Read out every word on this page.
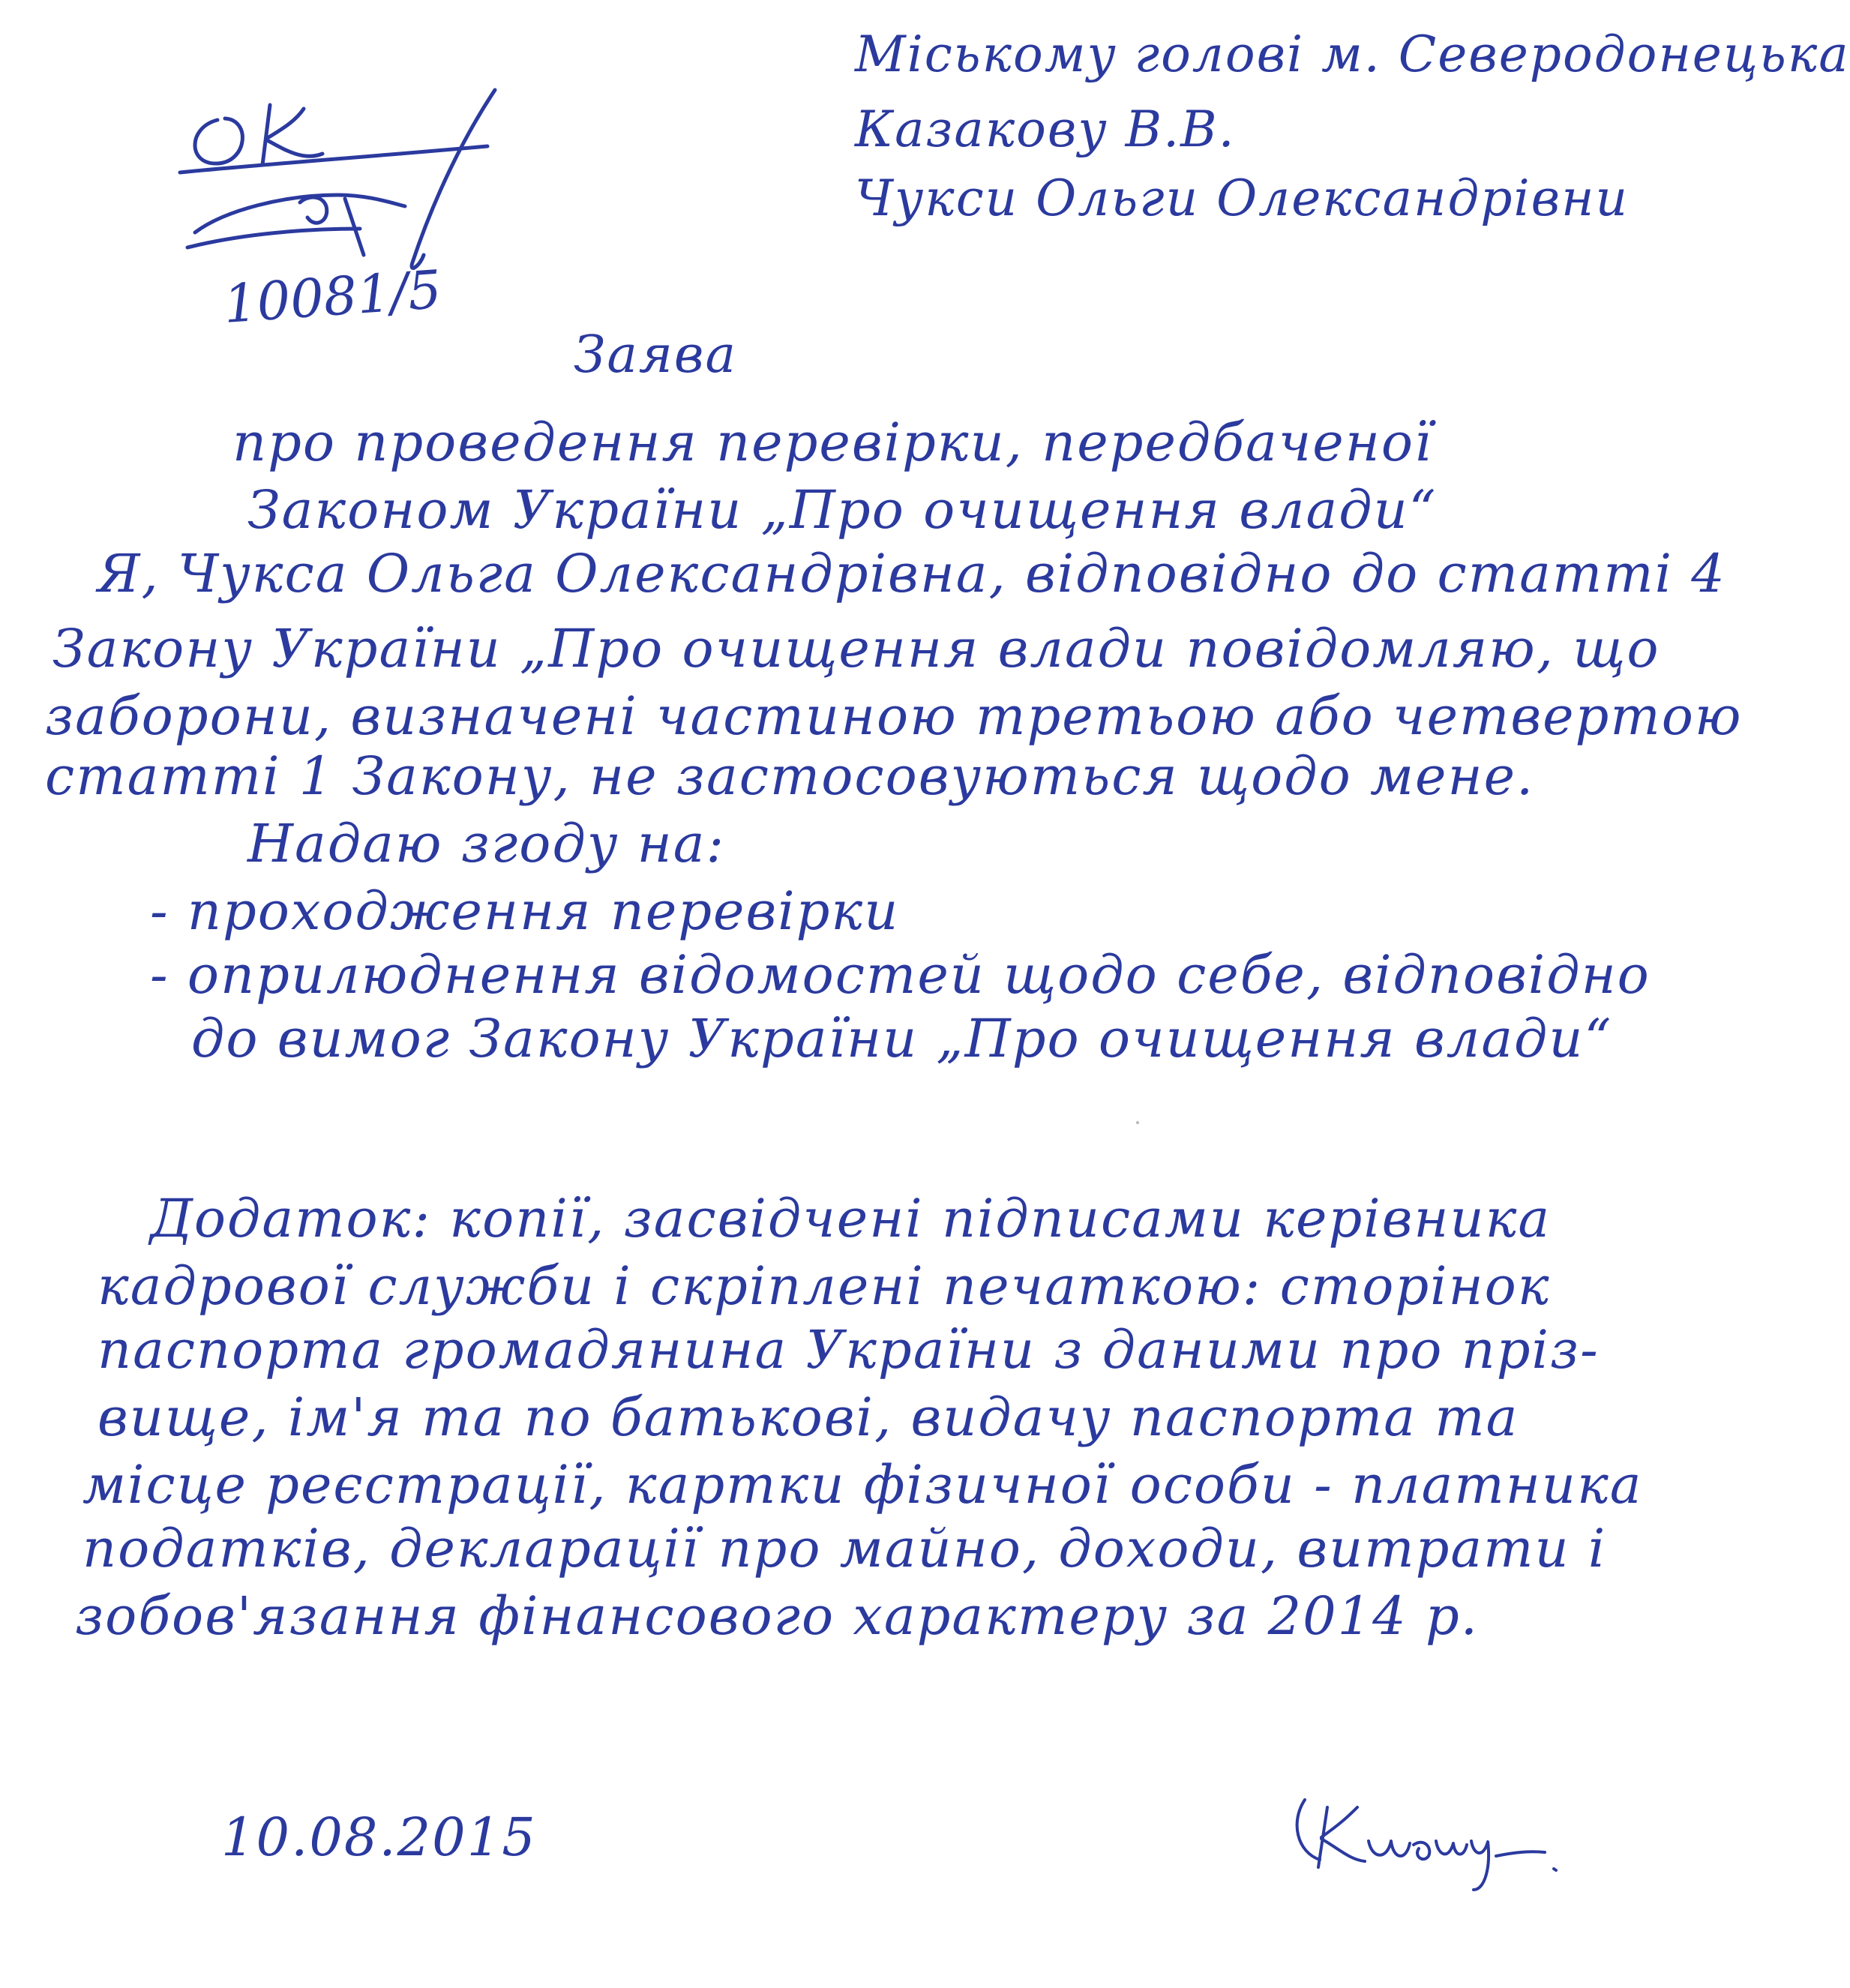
10081/5
Міському голові м. Северодонецька
Казакову В.В.
Чукси Ольги Олександрівни
Заява
про проведення перевірки, передбаченої
Законом України „Про очищення влади“
Я, Чукса Ольга Олександрівна, відповідно до статті 4
Закону України „Про очищення влади повідомляю, що
заборони, визначені частиною третьою або четвертою
статті 1 Закону, не застосовуються щодо мене.
Надаю згоду на:
- проходження перевірки
- оприлюднення відомостей щодо себе, відповідно
до вимог Закону України „Про очищення влади“
Додаток: копії, засвідчені підписами керівника
кадрової служби і скріплені печаткою: сторінок
паспорта громадянина України з даними про пріз-
вище, ім'я та по батькові, видачу паспорта та
місце реєстрації, картки фізичної особи - платника
податків, декларації про майно, доходи, витрати і
зобов'язання фінансового характеру за 2014 р.
10.08.2015
